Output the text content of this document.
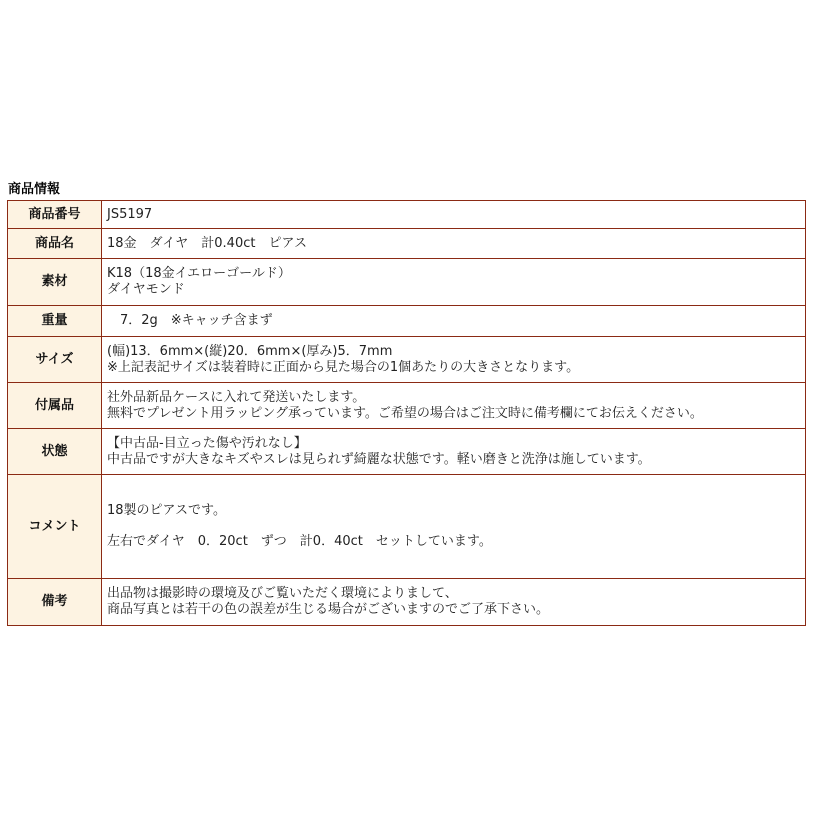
商品情報
商品番号	JS5197

商品名	18金　ダイヤ　計0.40ct　ピアス

素材	K18（18金イエローゴールド）
ダイヤモンド

重量	　7．2g　※キャッチ含まず

サイズ	(幅)13．6mm×(縦)20．6mm×(厚み)5．7mm
※上記表記サイズは装着時に正面から見た場合の1個あたりの大きさとなります。

付属品	社外品新品ケースに入れて発送いたします。
無料でプレゼント用ラッピング承っています。ご希望の場合はご注文時に備考欄にてお伝えください。

状態	【中古品-目立った傷や汚れなし】
中古品ですが大きなキズやスレは見られず綺麗な状態です。軽い磨きと洗浄は施しています。

コメント	18製のピアスです。
左右でダイヤ　0．20ct　ずつ　計0．40ct　セットしています。

備考	出品物は撮影時の環境及びご覧いただく環境によりまして、
商品写真とは若干の色の誤差が生じる場合がございますのでご了承下さい。
